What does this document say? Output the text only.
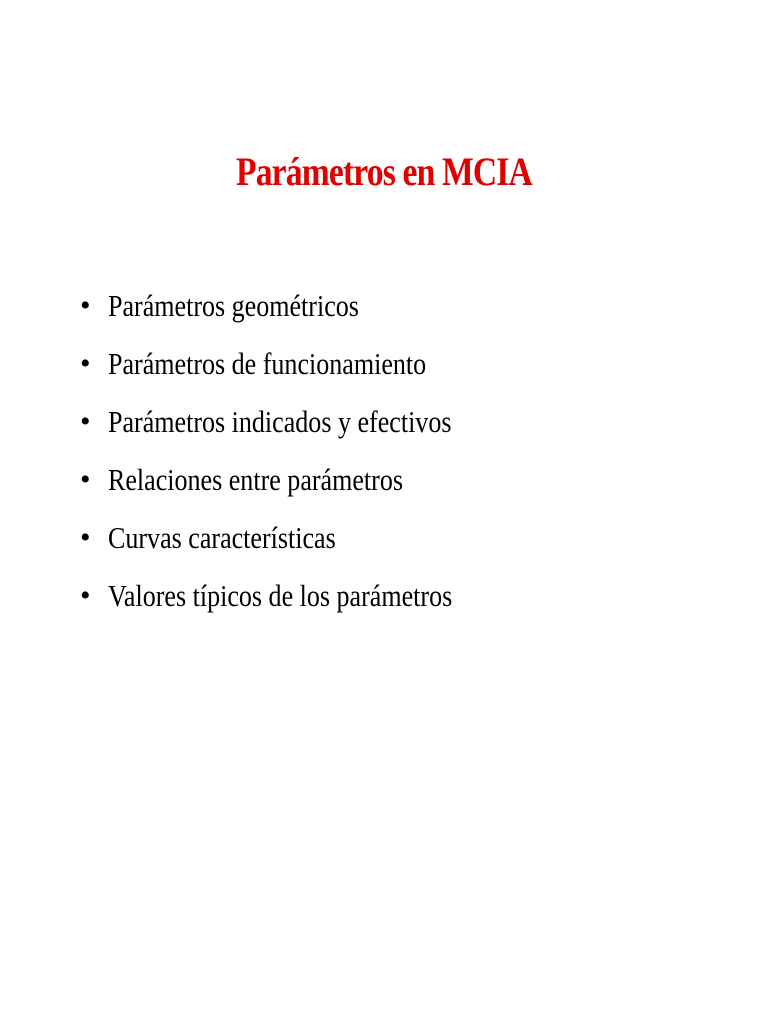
Parámetros en MCIA
• Parámetros geométricos
• Parámetros de funcionamiento
• Parámetros indicados y efectivos
• Relaciones entre parámetros
• Curvas características
• Valores típicos de los parámetros
